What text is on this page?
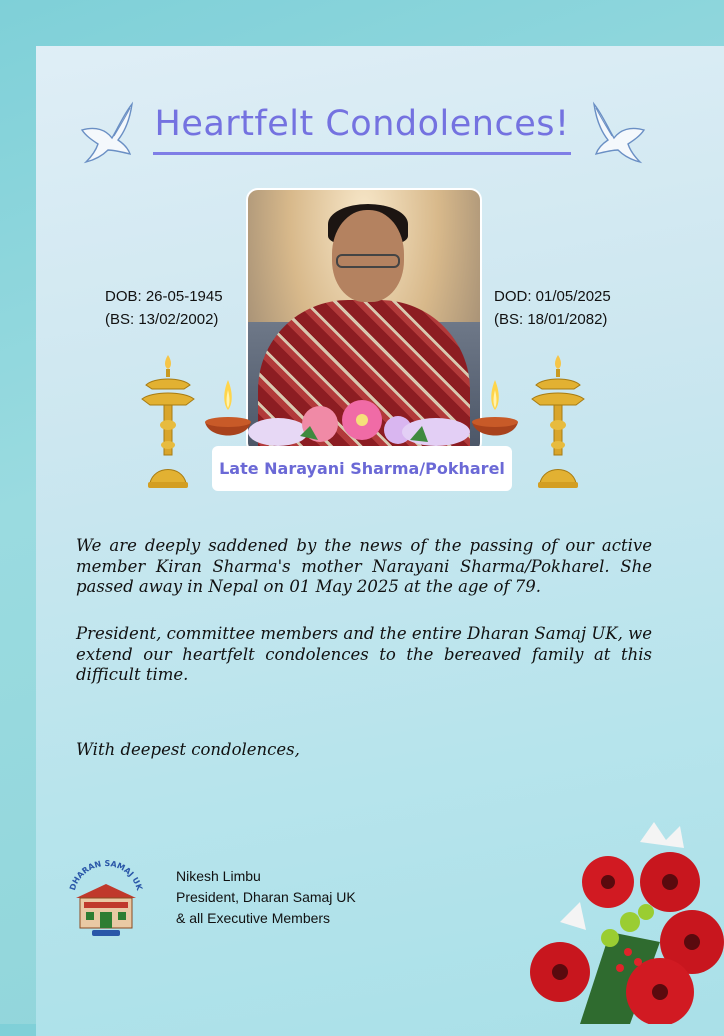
Heartfelt Condolences!
DOB: 26-05-1945
(BS: 13/02/2002)
DOD: 01/05/2025
(BS: 18/01/2082)
Late Narayani Sharma/Pokharel
We are deeply saddened by the news of the passing of our active member Kiran Sharma's mother Narayani Sharma/Pokharel. She passed away in Nepal on 01 May 2025 at the age of 79.
President, committee members and the entire Dharan Samaj UK, we extend our heartfelt condolences to the bereaved family at this difficult time.
With deepest condolences,
DHARAN SAMAJ UK
Nikesh Limbu
President, Dharan Samaj UK
& all Executive Members
